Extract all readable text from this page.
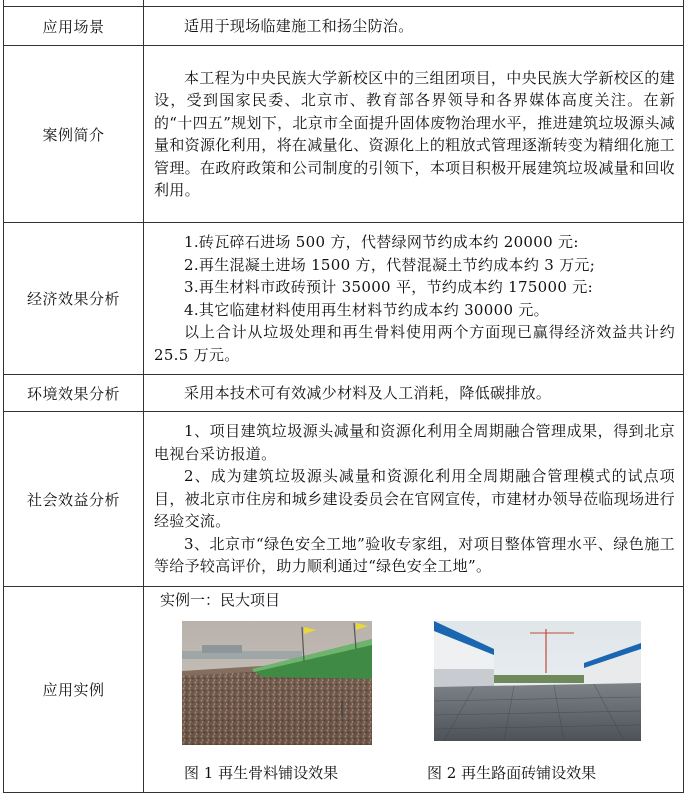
应用场景	适用于现场临建施工和扬尘防治。

案例简介	本工程为中央民族大学新校区中的三组团项目，中央民族大学新校区的建设，受到国家民委、北京市、教育部各界领导和各界媒体高度关注。在新的“十四五”规划下，北京市全面提升固体废物治理水平，推进建筑垃圾源头减量和资源化利用，将在减量化、资源化上的粗放式管理逐渐转变为精细化施工管理。在政府政策和公司制度的引领下，本项目积极开展建筑垃圾减量和回收利用。

经济效果分析	1.砖瓦碎石进场 500 方，代替绿网节约成本约 20000 元:

2.再生混凝土进场 1500 方，代替混凝土节约成本约 3 万元;

3.再生材料市政砖预计 35000 平，节约成本约 175000 元:

4.其它临建材料使用再生材料节约成本约 30000 元。

以上合计从垃圾处理和再生骨料使用两个方面现已赢得经济效益共计约 25.5 万元。

环境效果分析	采用本技术可有效减少材料及人工消耗，降低碳排放。

社会效益分析	1、项目建筑垃圾源头减量和资源化利用全周期融合管理成果，得到北京电视台采访报道。

2、成为建筑垃圾源头减量和资源化利用全周期融合管理模式的试点项目，被北京市住房和城乡建设委员会在官网宣传，市建材办领导莅临现场进行经验交流。

3、北京市“绿色安全工地”验收专家组，对项目整体管理水平、绿色施工等给予较高评价，助力顺利通过“绿色安全工地”。

应用实例	实例一：民大项目
图 1 再生骨料铺设效果 图 2 再生路面砖铺设效果
